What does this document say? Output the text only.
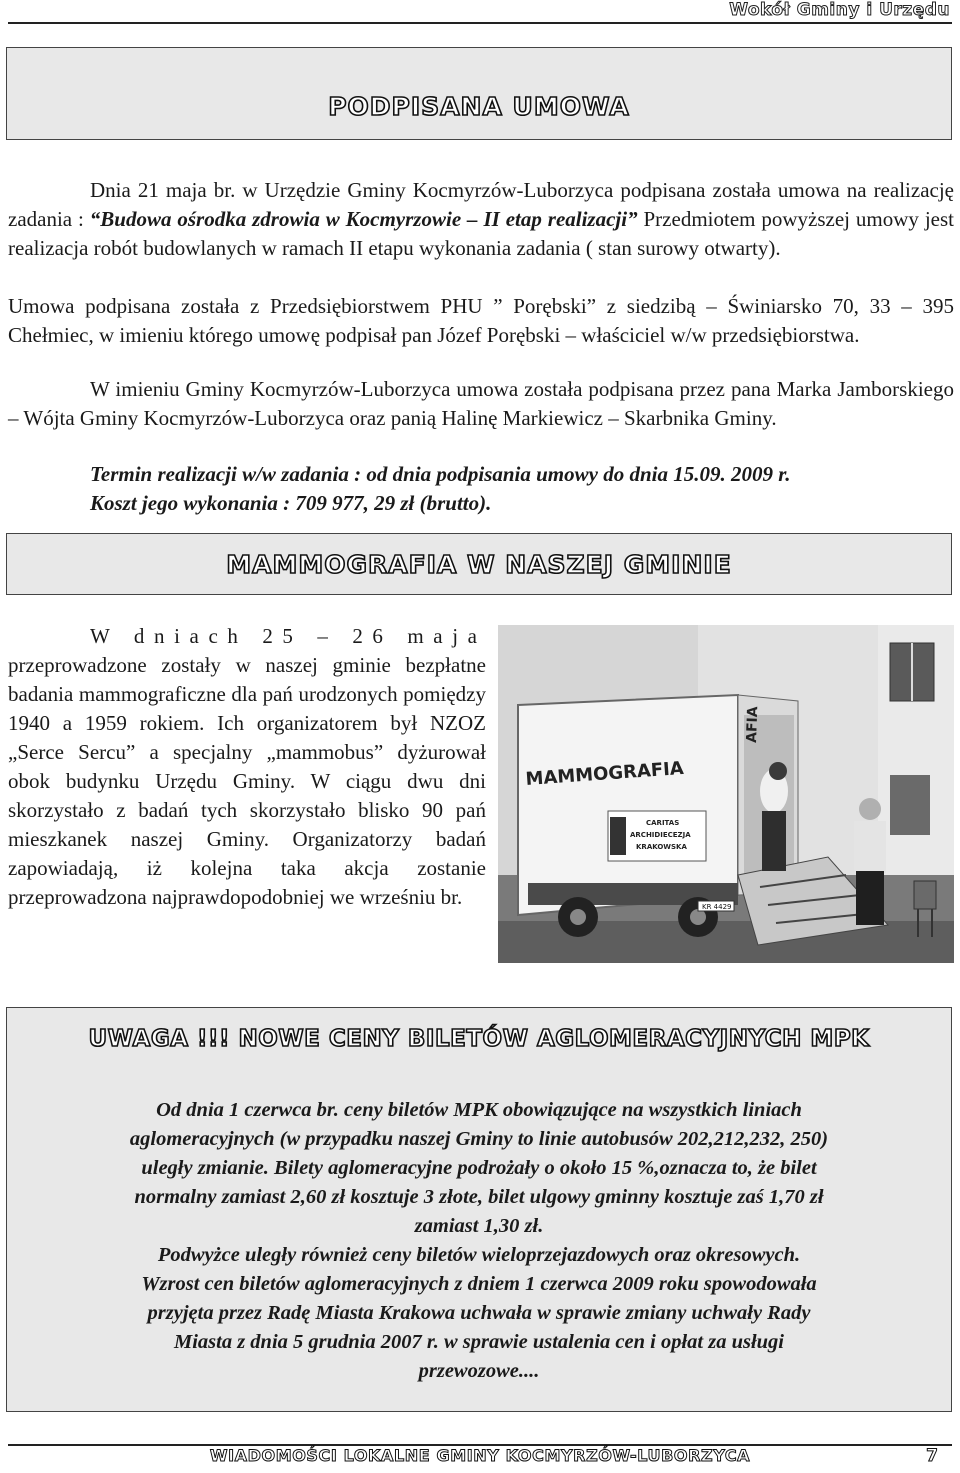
Wokół Gminy i Urzędu
PODPISANA UMOWA

Dnia 21 maja br. w Urzędzie Gminy Kocmyrzów-Luborzyca podpisana została umowa na realizację zadania : “Budowa ośrodka zdrowia w Kocmyrzowie – II etap realizacji” Przedmiotem powyższej umowy jest realizacja robót budowlanych w ramach II etapu wykonania zadania ( stan surowy otwarty).

Umowa podpisana została z Przedsiębiorstwem PHU ” Porębski” z siedzibą – Świniarsko 70, 33 – 395 Chełmiec, w imieniu którego umowę podpisał pan Józef Porębski – właściciel w/w przedsiębiorstwa.

W imieniu Gminy Kocmyrzów-Luborzyca umowa została podpisana przez pana Marka Jamborskiego – Wójta Gminy Kocmyrzów-Luborzyca oraz panią Halinę Markiewicz – Skarbnika Gminy.

Termin realizacji w/w zadania : od dnia podpisania umowy do dnia 15.09. 2009 r.

Koszt jego wykonania : 709 977, 29 zł (brutto).

MAMMOGRAFIA W NASZEJ GMINIE

W dniach 25 – 26 maja

przeprowadzone zostały w naszej gminie bezpłatne badania mammograficzne dla pań urodzonych pomiędzy 1940 a 1959 rokiem. Ich organizatorem był NZOZ „Serce Sercu” a specjalny „mammobus” dyżurował obok budynku Urzędu Gminy. W ciągu dwu dni skorzystało z badań tych skorzystało blisko 90 pań mieszkanek naszej Gminy. Organizatorzy badań zapowiadają, iż kolejna taka akcja zostanie przeprowadzona najprawdopodobniej we wrześniu br.

MAMMOGRAFIA
AFIA
CARITAS
ARCHIDIECEZJA
KRAKOWSKA
KR 4429
UWAGA !!! NOWE CENY BILETÓW AGLOMERACYJNYCH MPK
Od dnia 1 czerwca br. ceny biletów MPK obowiązujące na wszystkich liniach
aglomeracyjnych (w przypadku naszej Gminy to linie autobusów 202,212,232, 250)
uległy zmianie. Bilety aglomeracyjne podrożały o około 15 %,oznacza to, że bilet
normalny zamiast 2,60 zł kosztuje 3 złote, bilet ulgowy gminny kosztuje zaś 1,70 zł
zamiast 1,30 zł.
Podwyżce uległy również ceny biletów wieloprzejazdowych oraz okresowych.
Wzrost cen biletów aglomeracyjnych z dniem 1 czerwca 2009 roku spowodowała
przyjęta przez Radę Miasta Krakowa uchwała w sprawie zmiany uchwały Rady
Miasta z dnia 5 grudnia 2007 r. w sprawie ustalenia cen i opłat za usługi
przewozowe....
WIADOMOŚCI LOKALNE GMINY KOCMYRZÓW-LUBORZYCA	7
